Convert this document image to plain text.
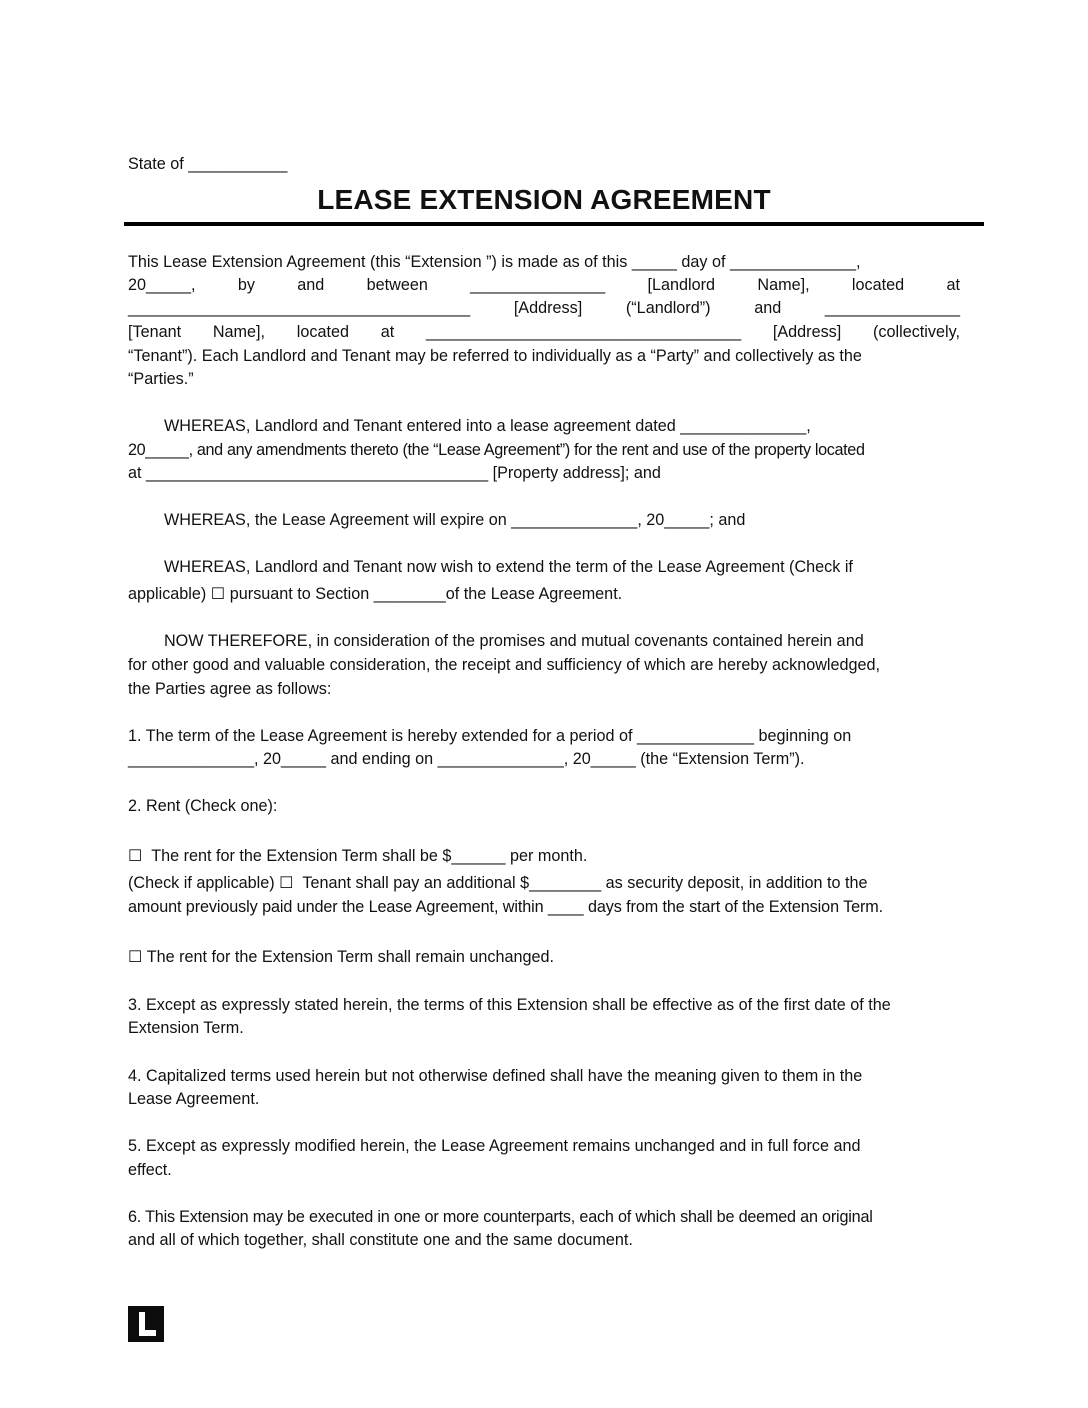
State of ___________
LEASE EXTENSION AGREEMENT
This Lease Extension Agreement (this “Extension ”) is made as of this _____ day of ______________,
20_____,	by	and	between	_______________	[Landlord	Name],	located	at
______________________________________	[Address]	(“Landlord”)	and	_______________
[Tenant Name], located at ___________________________________ [Address] (collectively,
“Tenant”). Each Landlord and Tenant may be referred to individually as a “Party” and collectively as the
“Parties.”
WHEREAS, Landlord and Tenant entered into a lease agreement dated ______________,
20_____, and any amendments thereto (the “Lease Agreement”) for the rent and use of the property located
at ______________________________________ [Property address]; and
WHEREAS, the Lease Agreement will expire on ______________, 20_____; and
WHEREAS, Landlord and Tenant now wish to extend the term of the Lease Agreement (Check if
applicable) ☐ pursuant to Section ________of the Lease Agreement.
NOW THEREFORE, in consideration of the promises and mutual covenants contained herein and
for other good and valuable consideration, the receipt and sufficiency of which are hereby acknowledged,
the Parties agree as follows:
1. The term of the Lease Agreement is hereby extended for a period of _____________ beginning on
______________, 20_____ and ending on ______________, 20_____ (the “Extension Term”).
2. Rent (Check one):
☐  The rent for the Extension Term shall be $______ per month.
(Check if applicable) ☐  Tenant shall pay an additional $________ as security deposit, in addition to the
amount previously paid under the Lease Agreement, within ____ days from the start of the Extension Term.
☐ The rent for the Extension Term shall remain unchanged.
3. Except as expressly stated herein, the terms of this Extension shall be effective as of the first date of the
Extension Term.
4. Capitalized terms used herein but not otherwise defined shall have the meaning given to them in the
Lease Agreement.
5. Except as expressly modified herein, the Lease Agreement remains unchanged and in full force and
effect.
6. This Extension may be executed in one or more counterparts, each of which shall be deemed an original
and all of which together, shall constitute one and the same document.
